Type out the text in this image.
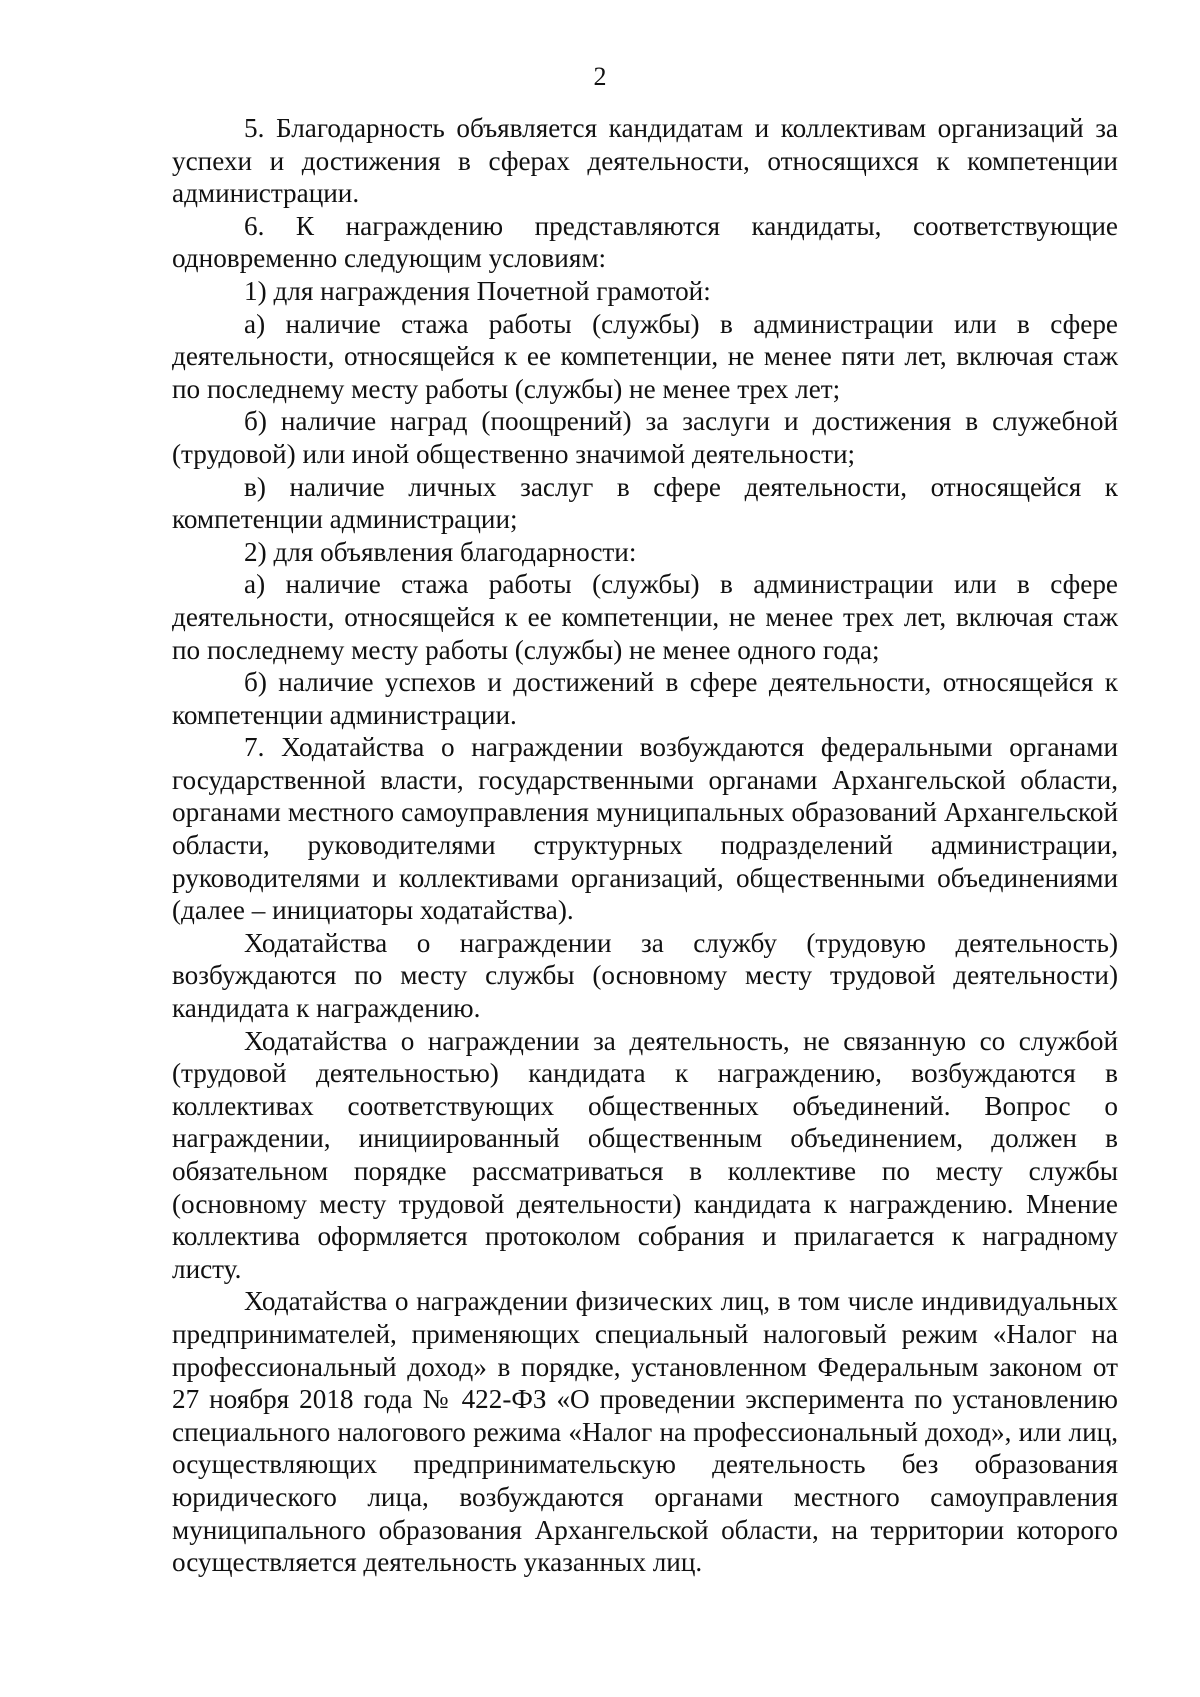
2

5. Благодарность объявляется кандидатам и коллективам организаций за успехи и достижения в сферах деятельности, относящихся к компетенции администрации.

6. К награждению представляются кандидаты, соответствующие одновременно следующим условиям:

1) для награждения Почетной грамотой:

а) наличие стажа работы (службы) в администрации или в сфере деятельности, относящейся к ее компетенции, не менее пяти лет, включая стаж по последнему месту работы (службы) не менее трех лет;

б) наличие наград (поощрений) за заслуги и достижения в служебной (трудовой) или иной общественно значимой деятельности;

в) наличие личных заслуг в сфере деятельности, относящейся к компетенции администрации;

2) для объявления благодарности:

а) наличие стажа работы (службы) в администрации или в сфере деятельности, относящейся к ее компетенции, не менее трех лет, включая стаж по последнему месту работы (службы) не менее одного года;

б) наличие успехов и достижений в сфере деятельности, относящейся к компетенции администрации.

7. Ходатайства о награждении возбуждаются федеральными органами государственной власти, государственными органами Архангельской области, органами местного самоуправления муниципальных образований Архангельской области, руководителями структурных подразделений администрации, руководителями и коллективами организаций, общественными объединениями (далее – инициаторы ходатайства).

Ходатайства о награждении за службу (трудовую деятельность) возбуждаются по месту службы (основному месту трудовой деятельности) кандидата к награждению.

Ходатайства о награждении за деятельность, не связанную со службой (трудовой деятельностью) кандидата к награждению, возбуждаются в коллективах соответствующих общественных объединений. Вопрос о награждении, инициированный общественным объединением, должен в обязательном порядке рассматриваться в коллективе по месту службы (основному месту трудовой деятельности) кандидата к награждению. Мнение коллектива оформляется протоколом собрания и прилагается к наградному листу.

Ходатайства о награждении физических лиц, в том числе индивидуальных предпринимателей, применяющих специальный налоговый режим «Налог на профессиональный доход» в порядке, установленном Федеральным законом от 27 ноября 2018 года № 422-ФЗ «О проведении эксперимента по установлению специального налогового режима «Налог на профессиональный доход», или лиц, осуществляющих предпринимательскую деятельность без образования юридического лица, возбуждаются органами местного самоуправления муниципального образования Архангельской области, на территории которого осуществляется деятельность указанных лиц.
